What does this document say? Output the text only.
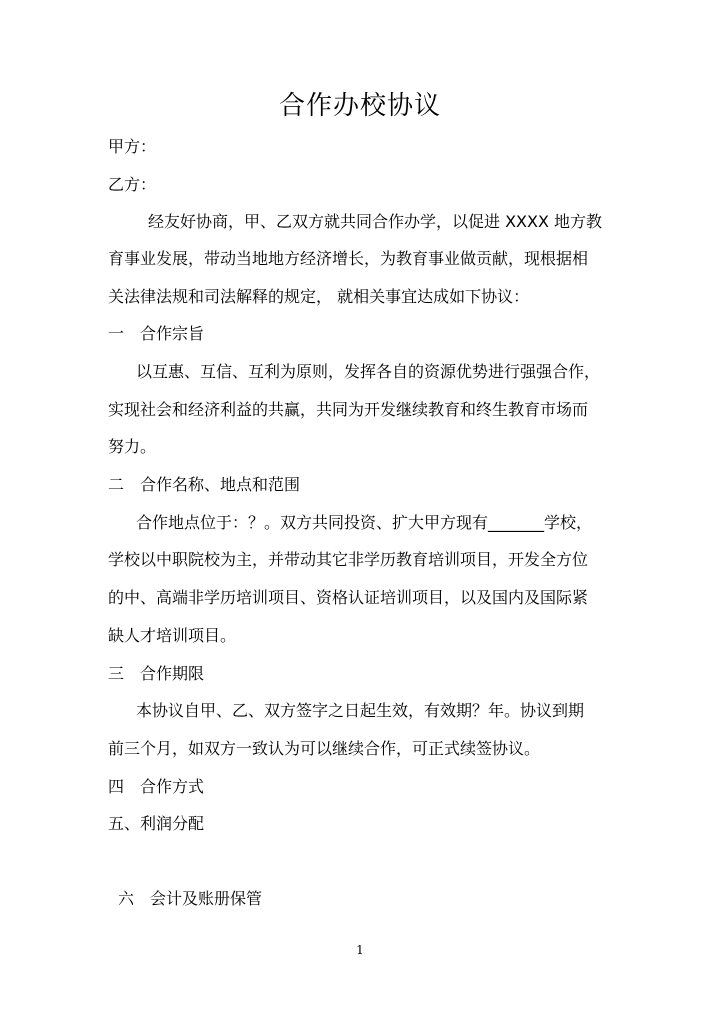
合作办校协议
甲方：
乙方：
经友好协商，甲、乙双方就共同合作办学，以促进 XXXX 地方教
育事业发展，带动当地地方经济增长，为教育事业做贡献，现根据相
关法律法规和司法解释的规定， 就相关事宜达成如下协议：
一　合作宗旨
以互惠、互信、互利为原则，发挥各自的资源优势进行强强合作，
实现社会和经济利益的共赢，共同为开发继续教育和终生教育市场而
努力。
二　合作名称、地点和范围
合作地点位于：？。双方共同投资、扩大甲方现有_______学校，
学校以中职院校为主，并带动其它非学历教育培训项目，开发全方位
的中、高端非学历培训项目、资格认证培训项目，以及国内及国际紧
缺人才培训项目。
三　合作期限
本协议自甲、乙、双方签字之日起生效，有效期？年。协议到期
前三个月，如双方一致认为可以继续合作，可正式续签协议。
四　合作方式
五、利润分配
六　会计及账册保管
1
